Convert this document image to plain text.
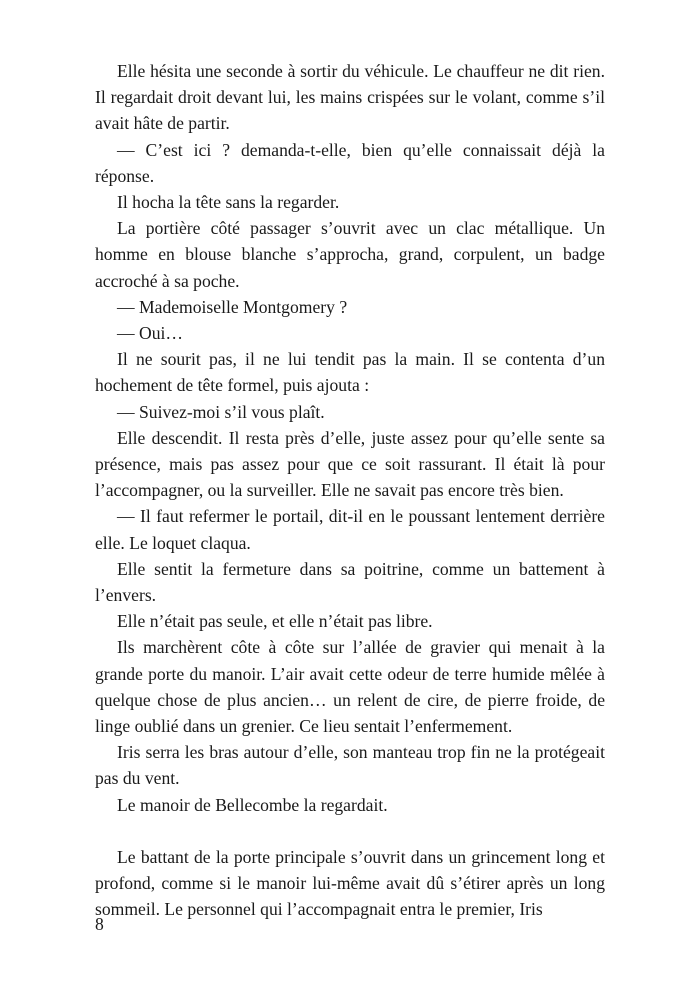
Elle hésita une seconde à sortir du véhicule. Le chauffeur ne dit rien. Il regardait droit devant lui, les mains crispées sur le volant, comme s’il avait hâte de partir.

— C’est ici ? demanda-t-elle, bien qu’elle connaissait déjà la réponse.

Il hocha la tête sans la regarder.

La portière côté passager s’ouvrit avec un clac métallique. Un homme en blouse blanche s’approcha, grand, corpulent, un badge accroché à sa poche.

— Mademoiselle Montgomery ?

— Oui…

Il ne sourit pas, il ne lui tendit pas la main. Il se contenta d’un hochement de tête formel, puis ajouta :

— Suivez-moi s’il vous plaît.

Elle descendit. Il resta près d’elle, juste assez pour qu’elle sente sa présence, mais pas assez pour que ce soit rassurant. Il était là pour l’accompagner, ou la surveiller. Elle ne savait pas encore très bien.

— Il faut refermer le portail, dit-il en le poussant lentement derrière elle. Le loquet claqua.

Elle sentit la fermeture dans sa poitrine, comme un battement à l’envers.

Elle n’était pas seule, et elle n’était pas libre.

Ils marchèrent côte à côte sur l’allée de gravier qui menait à la grande porte du manoir. L’air avait cette odeur de terre humide mêlée à quelque chose de plus ancien… un relent de cire, de pierre froide, de linge oublié dans un grenier. Ce lieu sentait l’enfermement.

Iris serra les bras autour d’elle, son manteau trop fin ne la protégeait pas du vent.

Le manoir de Bellecombe la regardait.

Le battant de la porte principale s’ouvrit dans un grincement long et profond, comme si le manoir lui-même avait dû s’étirer après un long sommeil. Le personnel qui l’accompagnait entra le premier, Iris

8
